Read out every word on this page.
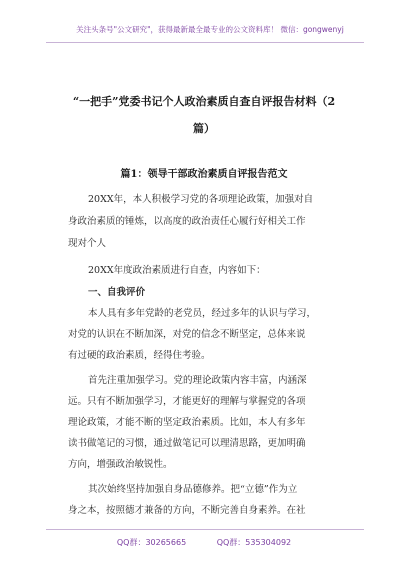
关注头条号"公文研究"，获得最新最全最专业的公文资料库！ 微信：gongwenyj
“一把手”党委书记个人政治素质自查自评报告材料（2
篇）
篇1：领导干部政治素质自评报告范文
20XX年，本人积极学习党的各项理论政策，加强对自
身政治素质的锤炼，以高度的政治责任心履行好相关工作
现对个人
20XX年度政治素质进行自查，内容如下：
一、自我评价
本人具有多年党龄的老党员，经过多年的认识与学习，
对党的认识在不断加深，对党的信念不断坚定，总体来说
有过硬的政治素质，经得住考验。
首先注重加强学习。党的理论政策内容丰富，内涵深
远。只有不断加强学习，才能更好的理解与掌握党的各项
理论政策，才能不断的坚定政治素质。比如，本人有多年
读书做笔记的习惯，通过做笔记可以理清思路，更加明确
方向，增强政治敏锐性。
其次始终坚持加强自身品德修养。把“立德”作为立
身之本，按照德才兼备的方向，不断完善自身素养。在社
QQ群：30265665	QQ群：535304092
